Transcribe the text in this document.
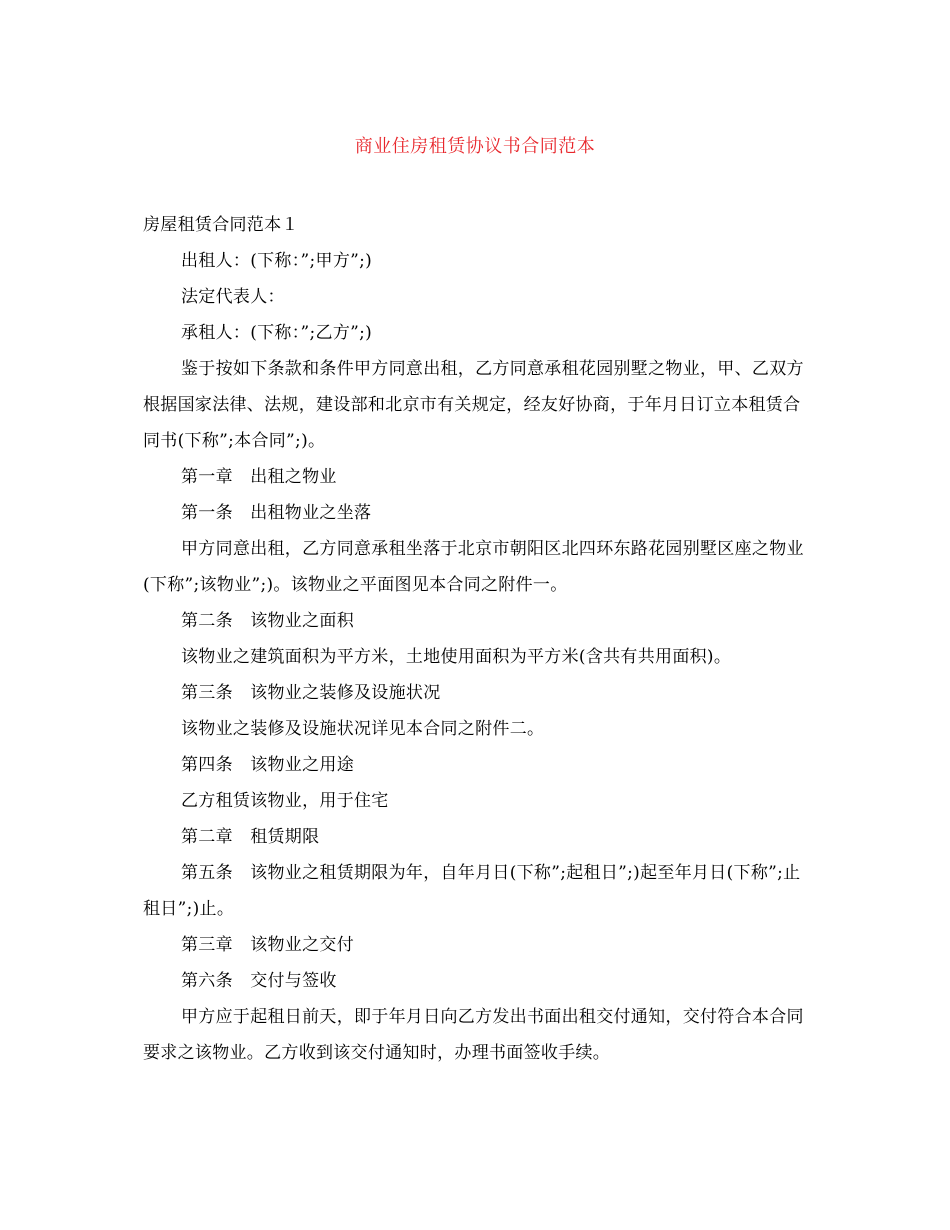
商业住房租赁协议书合同范本

房屋租赁合同范本１

出租人：(下称：”;甲方”;)

法定代表人：

承租人：(下称：”;乙方”;)

鉴于按如下条款和条件甲方同意出租，乙方同意承租花园别墅之物业，甲、乙双方根据国家法律、法规，建设部和北京市有关规定，经友好协商，于年月日订立本租赁合同书(下称”;本合同”;)。

第一章　出租之物业

第一条　出租物业之坐落

甲方同意出租，乙方同意承租坐落于北京市朝阳区北四环东路花园别墅区座之物业(下称”;该物业”;)。该物业之平面图见本合同之附件一。

第二条　该物业之面积

该物业之建筑面积为平方米，土地使用面积为平方米(含共有共用面积)。

第三条　该物业之装修及设施状况

该物业之装修及设施状况详见本合同之附件二。

第四条　该物业之用途

乙方租赁该物业，用于住宅

第二章　租赁期限

第五条　该物业之租赁期限为年，自年月日(下称”;起租日”;)起至年月日(下称”;止租日”;)止。

第三章　该物业之交付

第六条　交付与签收

甲方应于起租日前天，即于年月日向乙方发出书面出租交付通知，交付符合本合同要求之该物业。乙方收到该交付通知时，办理书面签收手续。
